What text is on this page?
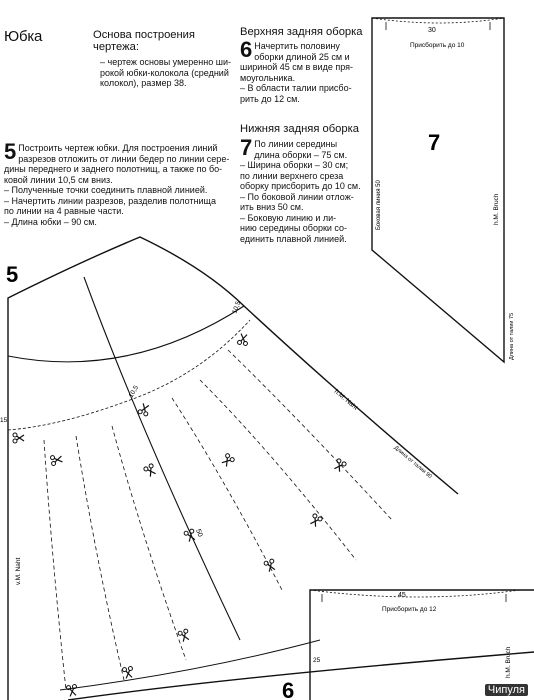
Юбка	Основа построения
чертежа:
– чертеж основы умеренно ши-
рокой юбки-колокола (средний
колокол), размер 38.
5 Построить чертеж юбки. Для построения линий
разрезов отложить от линии бедер по линии сере-
дины переднего и заднего полотнищ, а также по бо-
ковой линии 10,5 см вниз.
– Полученные точки соединить плавной линией.
– Начертить линии разрезов, разделив полотнища
по линии на 4 равные части.
– Длина юбки – 90 см.
Верхняя задняя оборка
6 Начертить половину
оборки длиной 25 см и
шириной 45 см в виде пря-
моугольника.
– В области талии присбо-
рить до 12 см.
Нижняя задняя оборка
7 По линии середины
длина оборки – 75 см.
– Ширина оборки – 30 см;
по линии верхнего среза
оборку присборить до 10 см.
– По боковой линии отлож-
ить вниз 50 см.
– Боковую линию и ли-
нию середины оборки со-
единить плавной линией.
30
Присборить до 10
Боковая линия 50	h.M. Bruch
Длина от талии 75
7
45
Присборить до 12
25	h.M. Bruch
6
10,5
10,5
15
v.M. Naht
h.M. Naht
50
Длина от талии 90
5
Чипуля
